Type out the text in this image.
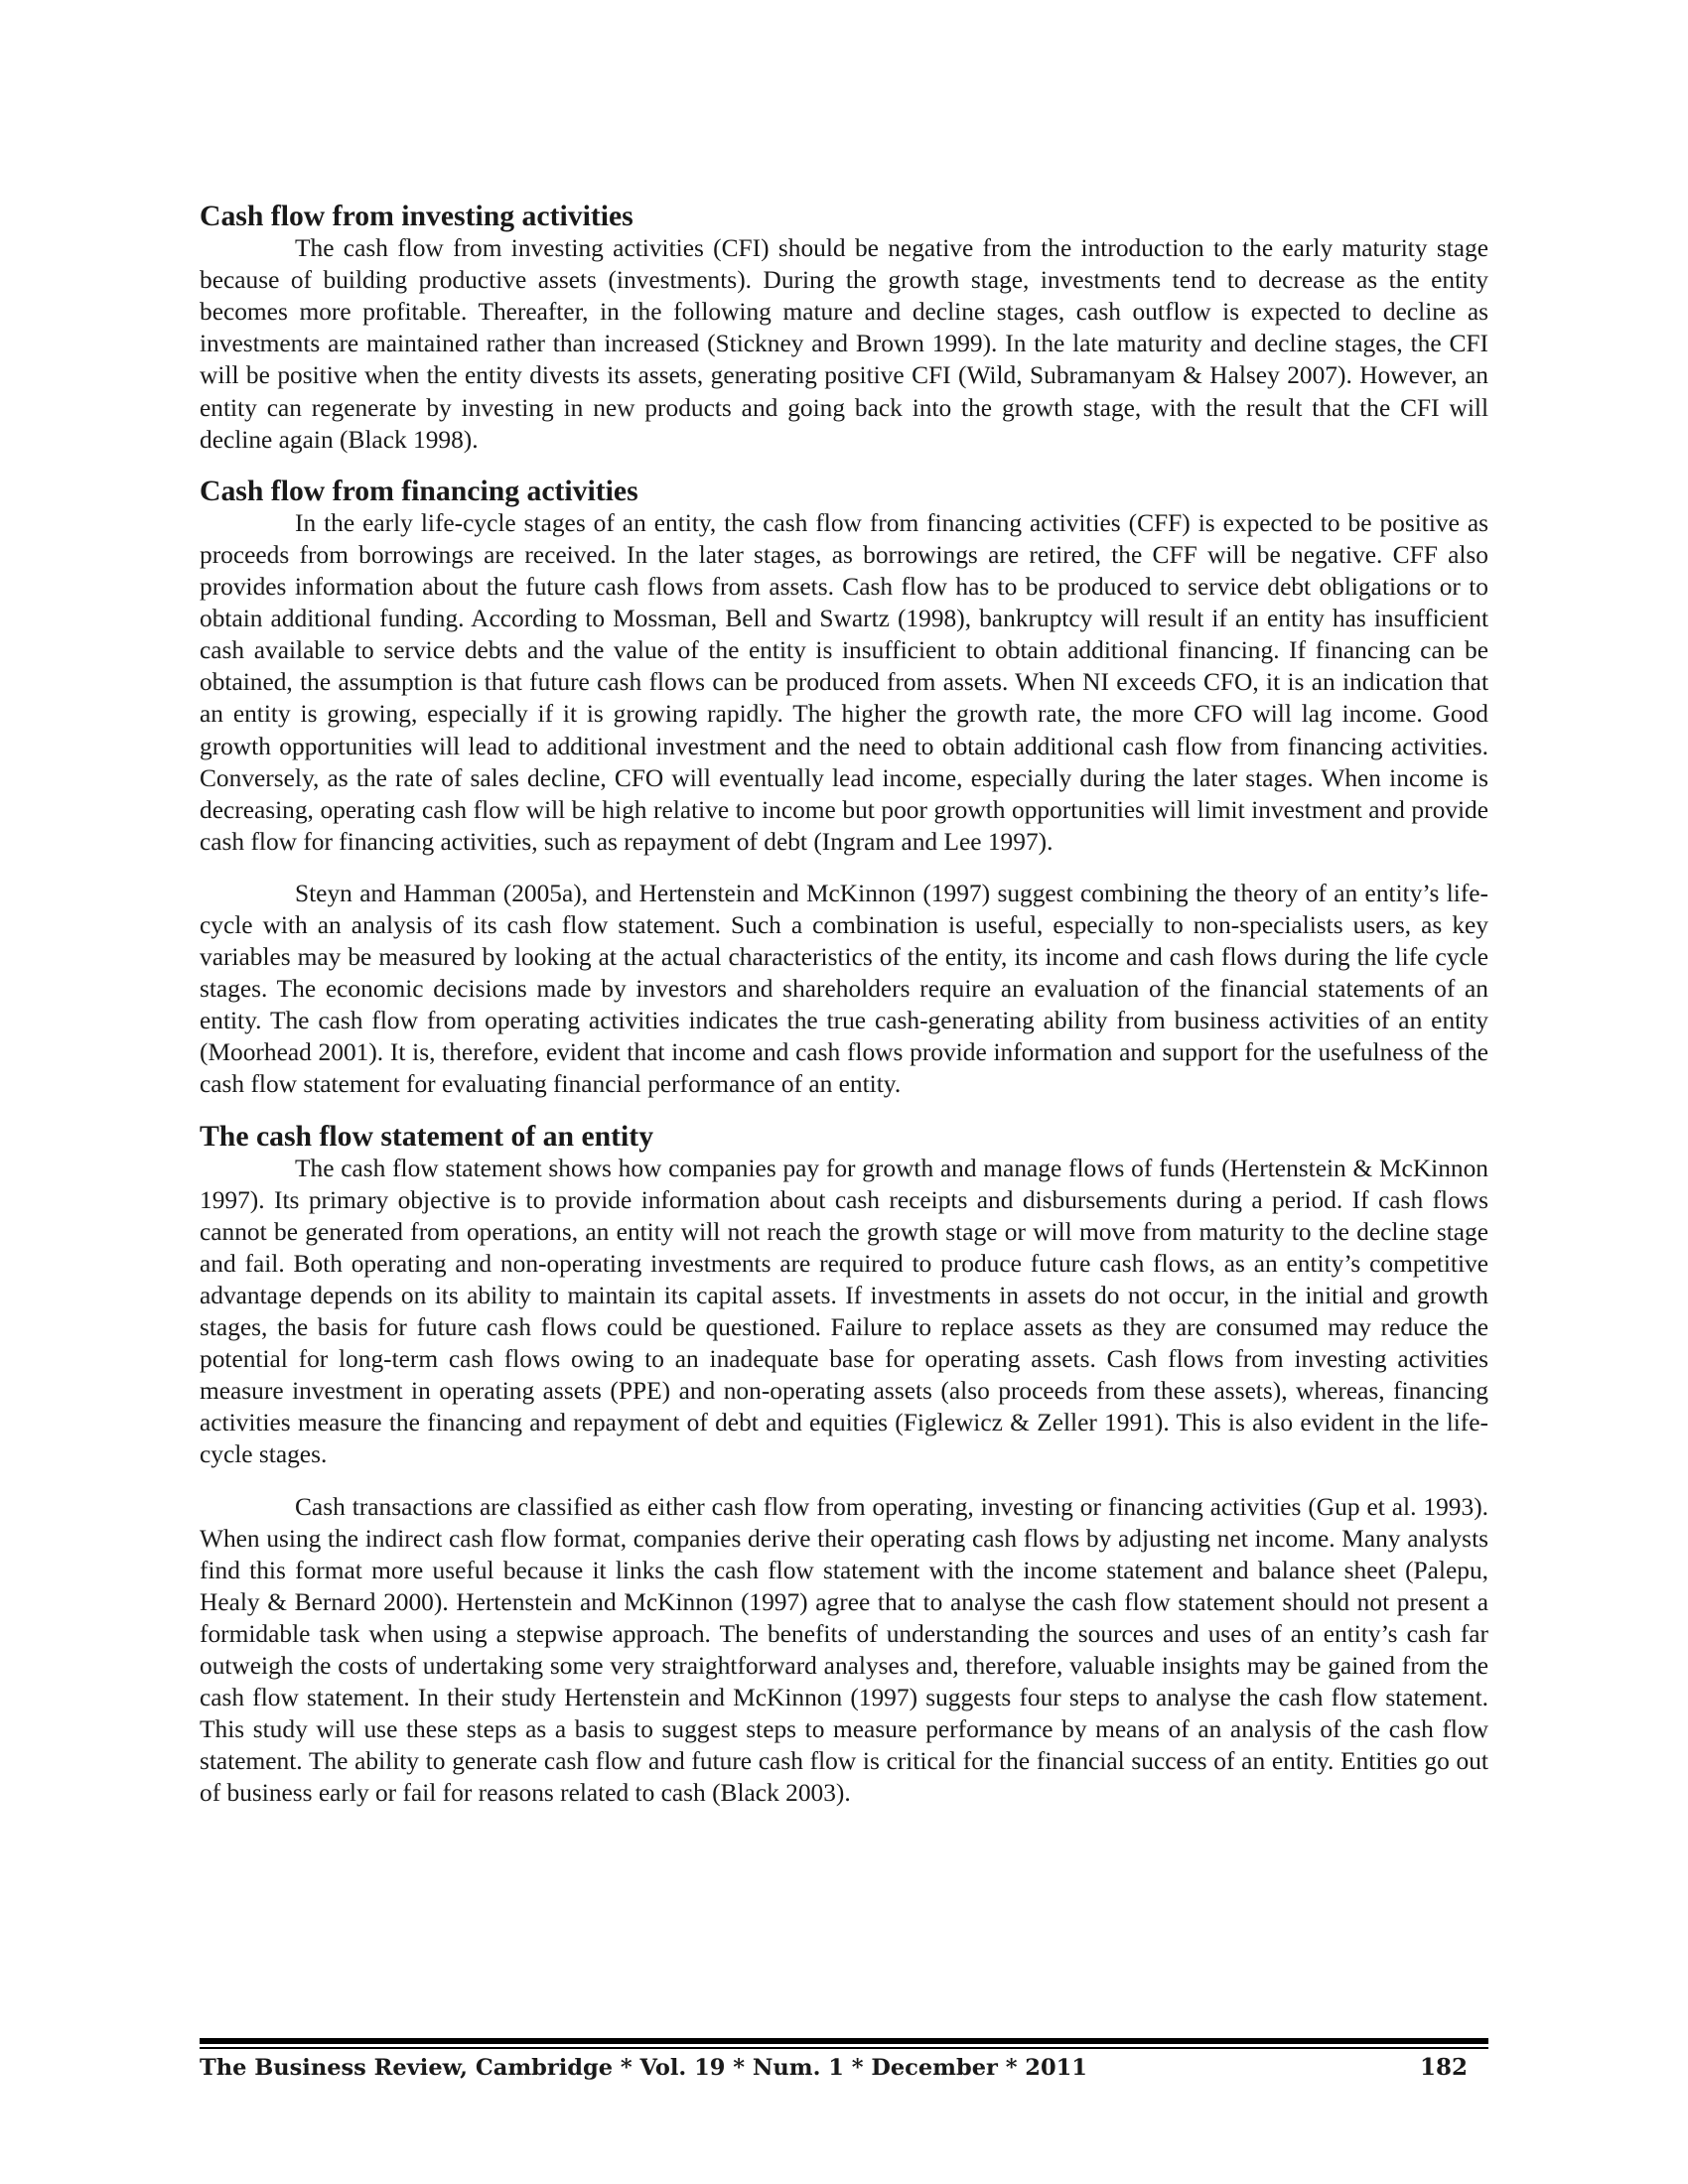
Cash flow from investing activities

The cash flow from investing activities (CFI) should be negative from the introduction to the early maturity stage because of building productive assets (investments). During the growth stage, investments tend to decrease as the entity becomes more profitable. Thereafter, in the following mature and decline stages, cash outflow is expected to decline as investments are maintained rather than increased (Stickney and Brown 1999). In the late maturity and decline stages, the CFI will be positive when the entity divests its assets, generating positive CFI (Wild, Subramanyam & Halsey 2007). However, an entity can regenerate by investing in new products and going back into the growth stage, with the result that the CFI will decline again (Black 1998).

Cash flow from financing activities

In the early life-cycle stages of an entity, the cash flow from financing activities (CFF) is expected to be positive as proceeds from borrowings are received. In the later stages, as borrowings are retired, the CFF will be negative. CFF also provides information about the future cash flows from assets. Cash flow has to be produced to service debt obligations or to obtain additional funding. According to Mossman, Bell and Swartz (1998), bankruptcy will result if an entity has insufficient cash available to service debts and the value of the entity is insufficient to obtain additional financing. If financing can be obtained, the assumption is that future cash flows can be produced from assets. When NI exceeds CFO, it is an indication that an entity is growing, especially if it is growing rapidly. The higher the growth rate, the more CFO will lag income. Good growth opportunities will lead to additional investment and the need to obtain additional cash flow from financing activities. Conversely, as the rate of sales decline, CFO will eventually lead income, especially during the later stages. When income is decreasing, operating cash flow will be high relative to income but poor growth opportunities will limit investment and provide cash flow for financing activities, such as repayment of debt (Ingram and Lee 1997).

Steyn and Hamman (2005a), and Hertenstein and McKinnon (1997) suggest combining the theory of an entity’s life-cycle with an analysis of its cash flow statement. Such a combination is useful, especially to non-specialists users, as key variables may be measured by looking at the actual characteristics of the entity, its income and cash flows during the life cycle stages. The economic decisions made by investors and shareholders require an evaluation of the financial statements of an entity. The cash flow from operating activities indicates the true cash-generating ability from business activities of an entity (Moorhead 2001). It is, therefore, evident that income and cash flows provide information and support for the usefulness of the cash flow statement for evaluating financial performance of an entity.

The cash flow statement of an entity

The cash flow statement shows how companies pay for growth and manage flows of funds (Hertenstein & McKinnon 1997). Its primary objective is to provide information about cash receipts and disbursements during a period. If cash flows cannot be generated from operations, an entity will not reach the growth stage or will move from maturity to the decline stage and fail. Both operating and non-operating investments are required to produce future cash flows, as an entity’s competitive advantage depends on its ability to maintain its capital assets. If investments in assets do not occur, in the initial and growth stages, the basis for future cash flows could be questioned. Failure to replace assets as they are consumed may reduce the potential for long-term cash flows owing to an inadequate base for operating assets. Cash flows from investing activities measure investment in operating assets (PPE) and non-operating assets (also proceeds from these assets), whereas, financing activities measure the financing and repayment of debt and equities (Figlewicz & Zeller 1991). This is also evident in the life-cycle stages.

Cash transactions are classified as either cash flow from operating, investing or financing activities (Gup et al. 1993). When using the indirect cash flow format, companies derive their operating cash flows by adjusting net income. Many analysts find this format more useful because it links the cash flow statement with the income statement and balance sheet (Palepu, Healy & Bernard 2000). Hertenstein and McKinnon (1997) agree that to analyse the cash flow statement should not present a formidable task when using a stepwise approach. The benefits of understanding the sources and uses of an entity’s cash far outweigh the costs of undertaking some very straightforward analyses and, therefore, valuable insights may be gained from the cash flow statement. In their study Hertenstein and McKinnon (1997) suggests four steps to analyse the cash flow statement. This study will use these steps as a basis to suggest steps to measure performance by means of an analysis of the cash flow statement. The ability to generate cash flow and future cash flow is critical for the financial success of an entity. Entities go out of business early or fail for reasons related to cash (Black 2003).

The Business Review, Cambridge * Vol. 19 * Num. 1 * December * 2011	182
